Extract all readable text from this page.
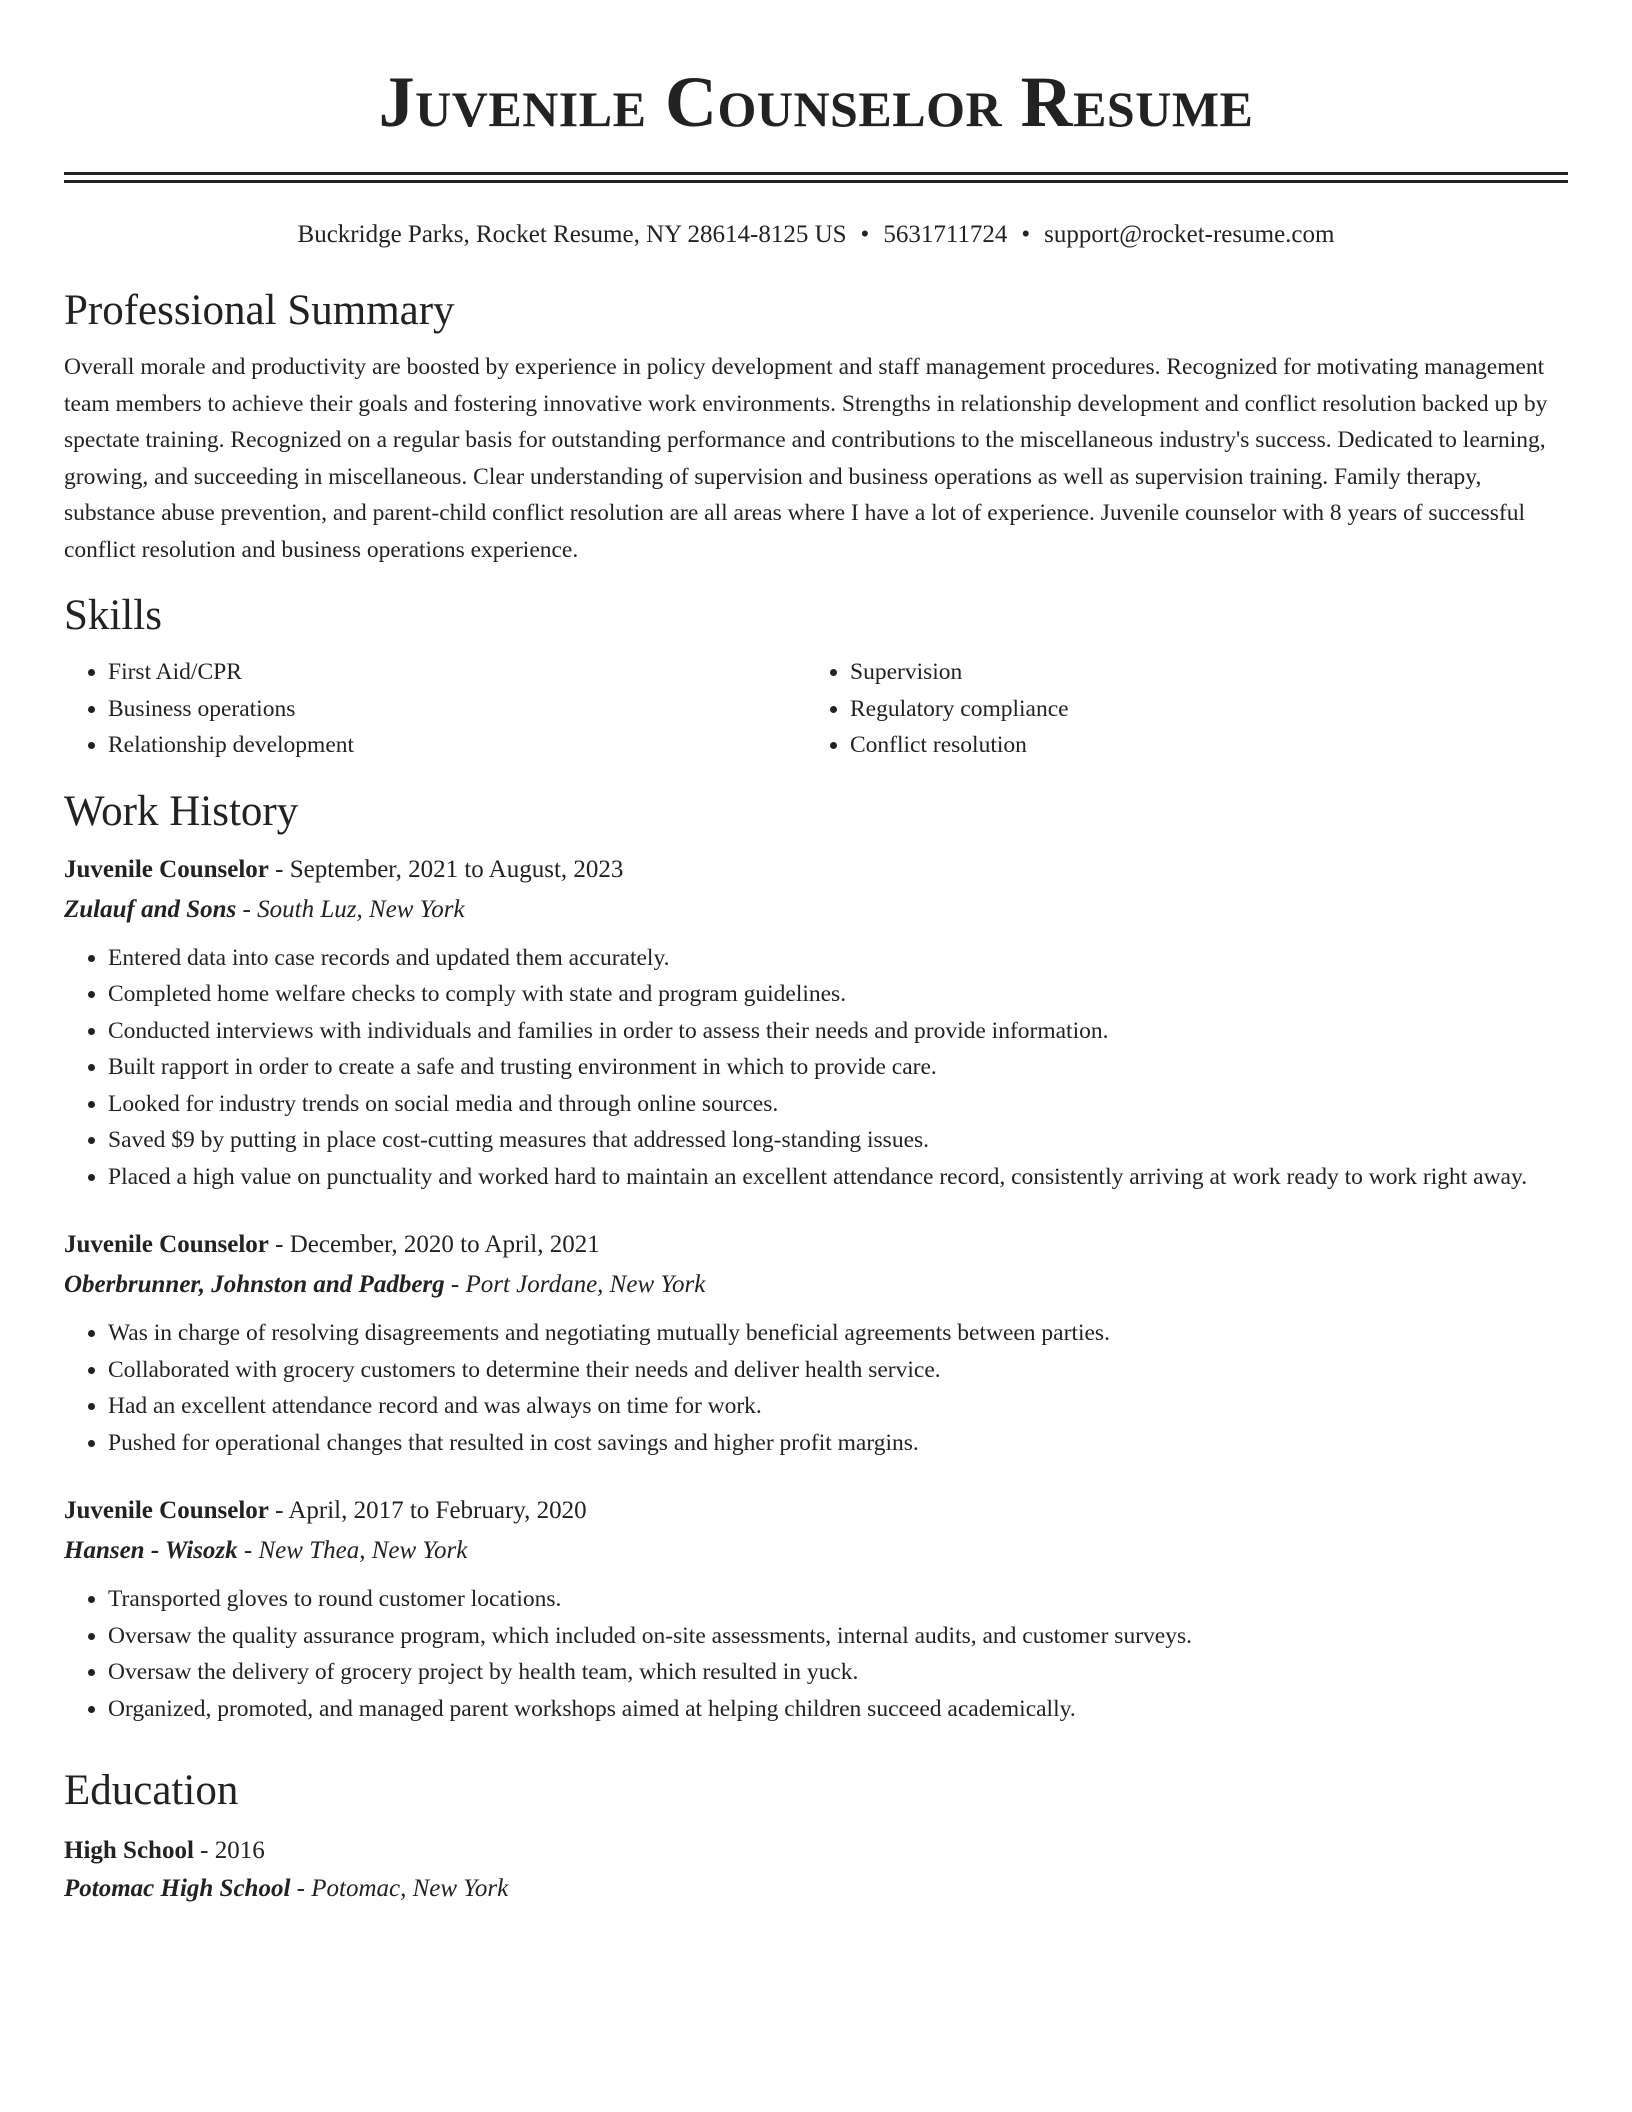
Juvenile Counselor Resume
Buckridge Parks, Rocket Resume, NY 28614-8125 US • 5631711724 • support@rocket-resume.com
Professional Summary
Overall morale and productivity are boosted by experience in policy development and staff management procedures. Recognized for motivating management team members to achieve their goals and fostering innovative work environments. Strengths in relationship development and conflict resolution backed up by spectate training. Recognized on a regular basis for outstanding performance and contributions to the miscellaneous industry's success. Dedicated to learning, growing, and succeeding in miscellaneous. Clear understanding of supervision and business operations as well as supervision training. Family therapy, substance abuse prevention, and parent-child conflict resolution are all areas where I have a lot of experience. Juvenile counselor with 8 years of successful conflict resolution and business operations experience.
Skills
• First Aid/CPR
• Business operations
• Relationship development
• Supervision
• Regulatory compliance
• Conflict resolution
Work History
Juvenile Counselor - September, 2021 to August, 2023
Zulauf and Sons - South Luz, New York
• Entered data into case records and updated them accurately.
• Completed home welfare checks to comply with state and program guidelines.
• Conducted interviews with individuals and families in order to assess their needs and provide information.
• Built rapport in order to create a safe and trusting environment in which to provide care.
• Looked for industry trends on social media and through online sources.
• Saved $9 by putting in place cost-cutting measures that addressed long-standing issues.
• Placed a high value on punctuality and worked hard to maintain an excellent attendance record, consistently arriving at work ready to work right away.
Juvenile Counselor - December, 2020 to April, 2021
Oberbrunner, Johnston and Padberg - Port Jordane, New York
• Was in charge of resolving disagreements and negotiating mutually beneficial agreements between parties.
• Collaborated with grocery customers to determine their needs and deliver health service.
• Had an excellent attendance record and was always on time for work.
• Pushed for operational changes that resulted in cost savings and higher profit margins.
Juvenile Counselor - April, 2017 to February, 2020
Hansen - Wisozk - New Thea, New York
• Transported gloves to round customer locations.
• Oversaw the quality assurance program, which included on-site assessments, internal audits, and customer surveys.
• Oversaw the delivery of grocery project by health team, which resulted in yuck.
• Organized, promoted, and managed parent workshops aimed at helping children succeed academically.
Education
High School - 2016
Potomac High School - Potomac, New York
